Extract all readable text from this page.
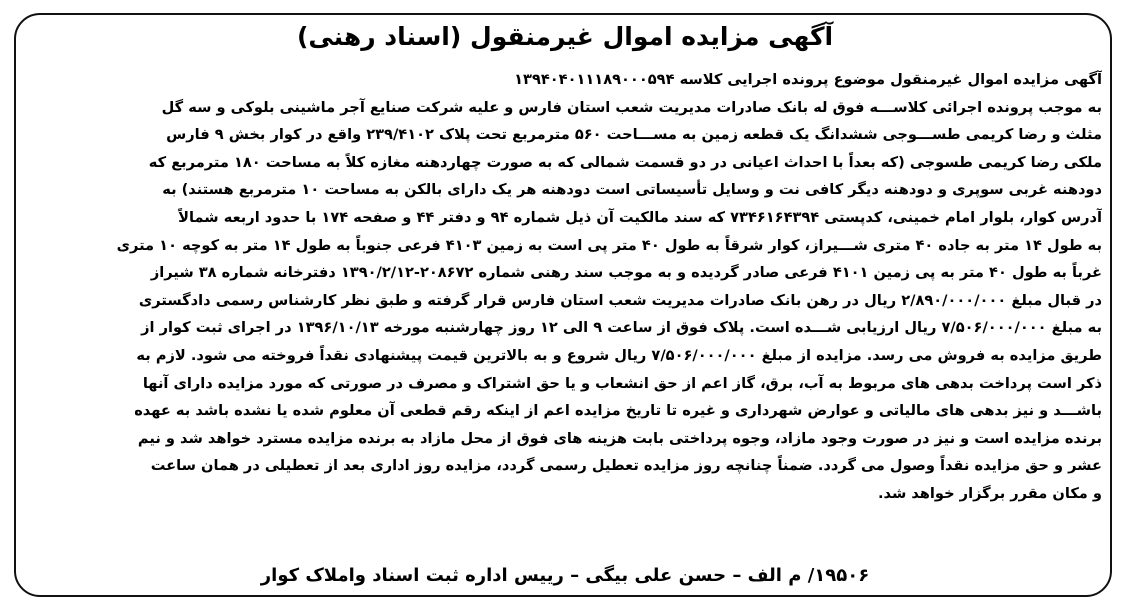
آگهی مزایده اموال غیرمنقول (اسناد رهنی)
آگهی مزایده اموال غیرمنقول موضوع پرونده اجرایی کلاسه ۱۳۹۴۰۴۰۱۱۱۸۹۰۰۰۵۹۴
به موجب پرونده اجرائی کلاســـه فوق له بانک صادرات مدیریت شعب استان فارس و علیه شرکت صنایع آجر ماشینی بلوکی و سه گل
مثلث و رضا کریمی طســـوجی ششدانگ یک قطعه زمین به مســـاحت ۵۶۰ مترمربع تحت پلاک ۲۳۹/۴۱۰۲ واقع در کوار بخش ۹ فارس
ملکی رضا کریمی طسوجی (که بعداً با احداث اعیانی در دو قسمت شمالی که به صورت چهاردهنه مغازه کلاً به مساحت ۱۸۰ مترمربع که
دودهنه غربی سوپری و دودهنه دیگر کافی نت و وسایل تأسیساتی است دودهنه هر یک دارای بالکن به مساحت ۱۰ مترمربع هستند) به
آدرس کوار، بلوار امام خمینی، کدپستی ۷۳۴۶۱۶۴۳۹۴ که سند مالکیت آن ذیل شماره ۹۴ و دفتر ۴۴ و صفحه ۱۷۴ با حدود اربعه شمالاً
به طول ۱۴ متر به جاده ۴۰ متری شـــیراز، کوار شرقاً به طول ۴۰ متر پی است به زمین ۴۱۰۳ فرعی جنوباً به طول ۱۴ متر به کوچه ۱۰ متری
غرباً به طول ۴۰ متر به پی زمین ۴۱۰۱ فرعی صادر گردیده و به موجب سند رهنی شماره ۲۰۸۶۷۲-۱۳۹۰/۲/۱۲ دفترخانه شماره ۳۸ شیراز
در قبال مبلغ ۲/۸۹۰/۰۰۰/۰۰۰ ریال در رهن بانک صادرات مدیریت شعب استان فارس قرار گرفته و طبق نظر کارشناس رسمی دادگستری
به مبلغ ۷/۵۰۶/۰۰۰/۰۰۰ ریال ارزیابی شـــده است. پلاک فوق از ساعت ۹ الی ۱۲ روز چهارشنبه مورخه ۱۳۹۶/۱۰/۱۳ در اجرای ثبت کوار از
طریق مزایده به فروش می رسد. مزایده از مبلغ ۷/۵۰۶/۰۰۰/۰۰۰ ریال شروع و به بالاترین قیمت پیشنهادی نقداً فروخته می شود. لازم به
ذکر است پرداخت بدهی های مربوط به آب، برق، گاز اعم از حق انشعاب و یا حق اشتراک و مصرف در صورتی که مورد مزایده دارای آنها
باشـــد و نیز بدهی های مالیاتی و عوارض شهرداری و غیره تا تاریخ مزایده اعم از اینکه رقم قطعی آن معلوم شده یا نشده باشد به عهده
برنده مزایده است و نیز در صورت وجود مازاد، وجوه پرداختی بابت هزینه های فوق از محل مازاد به برنده مزایده مسترد خواهد شد و نیم
عشر و حق مزایده نقداً وصول می گردد. ضمناً چنانچه روز مزایده تعطیل رسمی گردد، مزایده روز اداری بعد از تعطیلی در همان ساعت
و مکان مقرر برگزار خواهد شد.
۱۹۵۰۶/ م الف – حسن علی بیگی – رییس اداره ثبت اسناد واملاک کوار
